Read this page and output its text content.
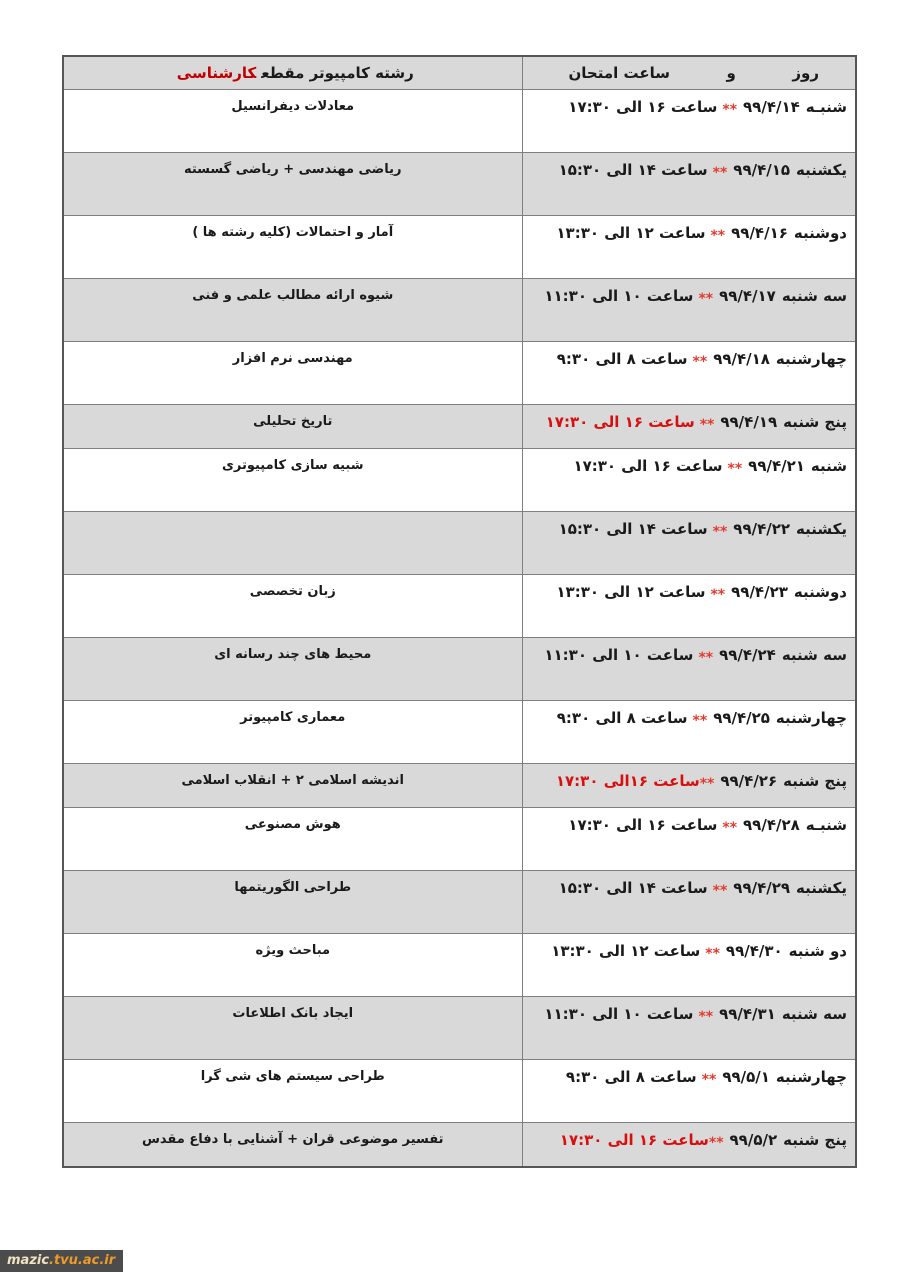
روز
و
ساعت امتحان	رشته کامپیوتر مقطعکارشناسی
شنبـه۹۹/۴/۱۴**ساعت ۱۶ الی ۱۷:۳۰	معادلات دیفرانسیل
یکشنبه۹۹/۴/۱۵**ساعت ۱۴ الی ۱۵:۳۰	ریاضی مهندسی + ریاضی گسسته
دوشنبه۹۹/۴/۱۶**ساعت ۱۲ الی ۱۳:۳۰	آمار و احتمالات (کلیه رشته ها )
سه شنبه۹۹/۴/۱۷**ساعت ۱۰ الی ۱۱:۳۰	شیوه ارائه مطالب علمی و فنی
چهارشنبه۹۹/۴/۱۸**ساعت ۸ الی ۹:۳۰	مهندسی نرم افزار
پنج شنبه۹۹/۴/۱۹**ساعت ۱۶ الی ۱۷:۳۰	تاریخ تحلیلی
شنبه۹۹/۴/۲۱**ساعت ۱۶ الی ۱۷:۳۰	شبیه سازی کامپیوتری
یکشنبه۹۹/۴/۲۲**ساعت ۱۴ الی ۱۵:۳۰	
دوشنبه۹۹/۴/۲۳**ساعت ۱۲ الی ۱۳:۳۰	زبان تخصصی
سه شنبه۹۹/۴/۲۴**ساعت ۱۰ الی ۱۱:۳۰	محیط های چند رسانه ای
چهارشنبه۹۹/۴/۲۵**ساعت ۸ الی ۹:۳۰	معماری کامپیوتر
پنج شنبه۹۹/۴/۲۶**ساعت ۱۶الی ۱۷:۳۰	اندیشه اسلامی ۲ + انقلاب اسلامی
شنبـه۹۹/۴/۲۸**ساعت ۱۶ الی ۱۷:۳۰	هوش مصنوعی
یکشنبه۹۹/۴/۲۹**ساعت ۱۴ الی ۱۵:۳۰	طراحی الگوریتمها
دو شنبه۹۹/۴/۳۰**ساعت ۱۲ الی ۱۳:۳۰	مباحث ویژه
سه شنبه۹۹/۴/۳۱**ساعت ۱۰ الی ۱۱:۳۰	ایجاد بانک اطلاعات
چهارشنبه۹۹/۵/۱**ساعت ۸ الی ۹:۳۰	طراحی سیستم های شی گرا
پنج شنبه۹۹/۵/۲**ساعت ۱۶ الی ۱۷:۳۰	تفسیر موضوعی قران + آشنایی با دفاع مقدس
mazic.tvu.ac.ir
